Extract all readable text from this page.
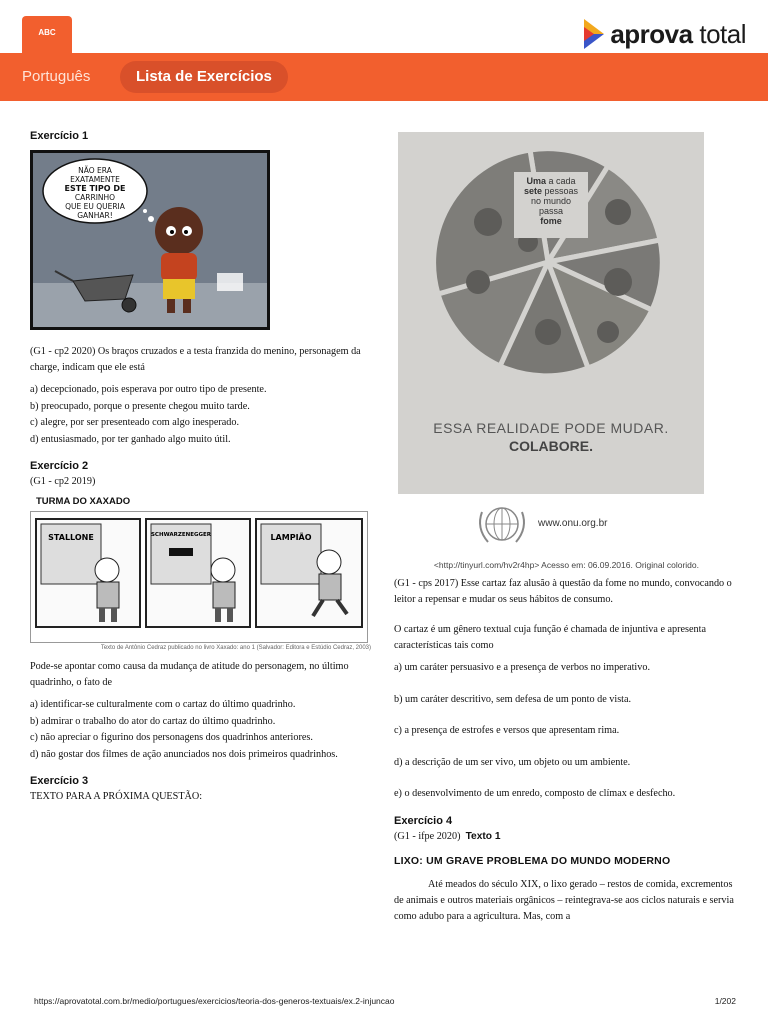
ABC	aprova total
Português	Lista de Exercícios
Exercício 1
NÃO ERA
EXATAMENTE
ESTE TIPO DE
CARRINHO
QUE EU QUERIA
GANHAR!

(G1 - cp2 2020) Os braços cruzados e a testa franzida do menino, personagem da charge, indicam que ele está

a) decepcionado, pois esperava por outro tipo de presente.
b) preocupado, porque o presente chegou muito tarde.
c) alegre, por ser presenteado com algo inesperado.
d) entusiasmado, por ter ganhado algo muito útil.
Exercício 2

(G1 - cp2 2019)

TURMA DO XAXADO
STALLONE	SCHWARZENEGGER	LAMPIÃO
Texto de Antônio Cedraz publicado no livro Xaxado: ano 1 (Salvador: Editora e Estúdio Cedraz, 2003)

Pode-se apontar como causa da mudança de atitude do personagem, no último quadrinho, o fato de

a) identificar-se culturalmente com o cartaz do último quadrinho.
b) admirar o trabalho do ator do cartaz do último quadrinho.
c) não apreciar o figurino dos personagens dos quadrinhos anteriores.
d) não gostar dos filmes de ação anunciados nos dois primeiros quadrinhos.
Exercício 3

TEXTO PARA A PRÓXIMA QUESTÃO:

Uma a cada
sete pessoas no mundo passa
fome
ESSA REALIDADE PODE MUDAR.
COLABORE.
www.onu.org.br
<http://tinyurl.com/hv2r4hp> Acesso em: 06.09.2016. Original colorido.

(G1 - cps 2017) Esse cartaz faz alusão à questão da fome no mundo, convocando o leitor a repensar e mudar os seus hábitos de consumo.

O cartaz é um gênero textual cuja função é chamada de injuntiva e apresenta características tais como

a) um caráter persuasivo e a presença de verbos no imperativo.
b) um caráter descritivo, sem defesa de um ponto de vista.
c) a presença de estrofes e versos que apresentam rima.
d) a descrição de um ser vivo, um objeto ou um ambiente.
e) o desenvolvimento de um enredo, composto de clímax e desfecho.
Exercício 4

(G1 - ifpe 2020) Texto 1

LIXO: UM GRAVE PROBLEMA DO MUNDO MODERNO

Até meados do século XIX, o lixo gerado – restos de comida, excrementos de animais e outros materiais orgânicos – reintegrava-se aos ciclos naturais e servia como adubo para a agricultura. Mas, com a

https://aprovatotal.com.br/medio/portugues/exercicios/teoria-dos-generos-textuais/ex.2-injuncao	1/202
